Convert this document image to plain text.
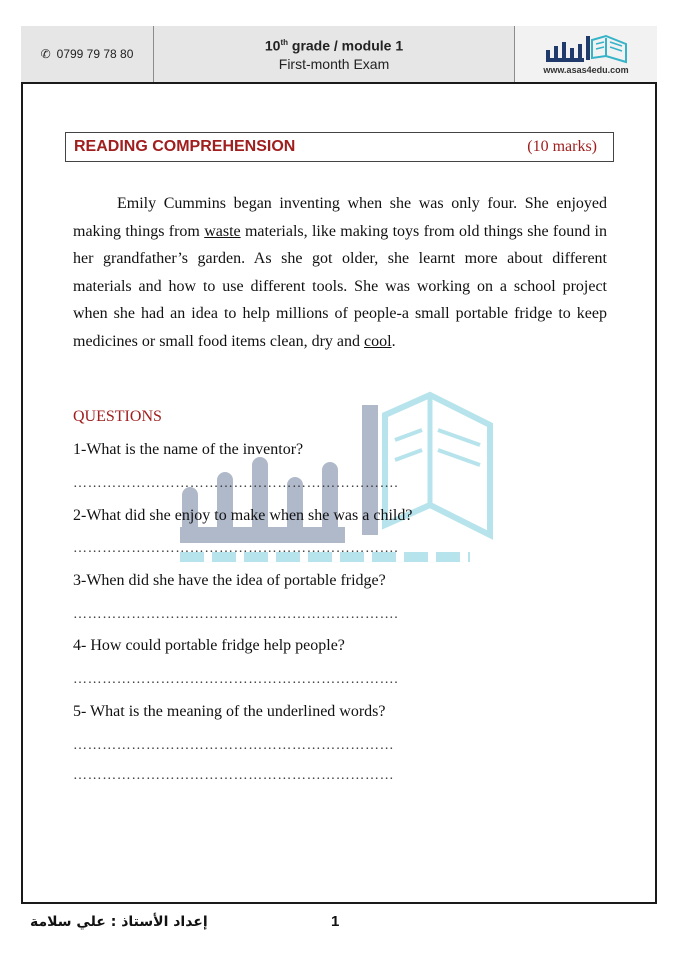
✆ 0799 79 78 80
10th grade / module 1
First-month Exam	www.asas4edu.com
READING COMPREHENSION	(10 marks)
Emily Cummins began inventing when she was only four. She enjoyed making things from waste materials, like making toys from old things she found in her grandfather’s garden. As she got older, she learnt more about different materials and how to use different tools. She was working on a school project when she had an idea to help millions of people-a small portable fridge to keep medicines or small food items clean, dry and cool.
QUESTIONS
1-What is the name of the inventor?
………………………………………………………….
2-What did she enjoy to make when she was a child?
………………………………………………………….
3-When did she have the idea of portable fridge?
………………………………………………………….
4- How could portable fridge help people?
………………………………………………………….
5- What is the meaning of the underlined words?
…………………………………………………………
…………………………………………………………
إعداد الأستاذ : علي سلامة	1
